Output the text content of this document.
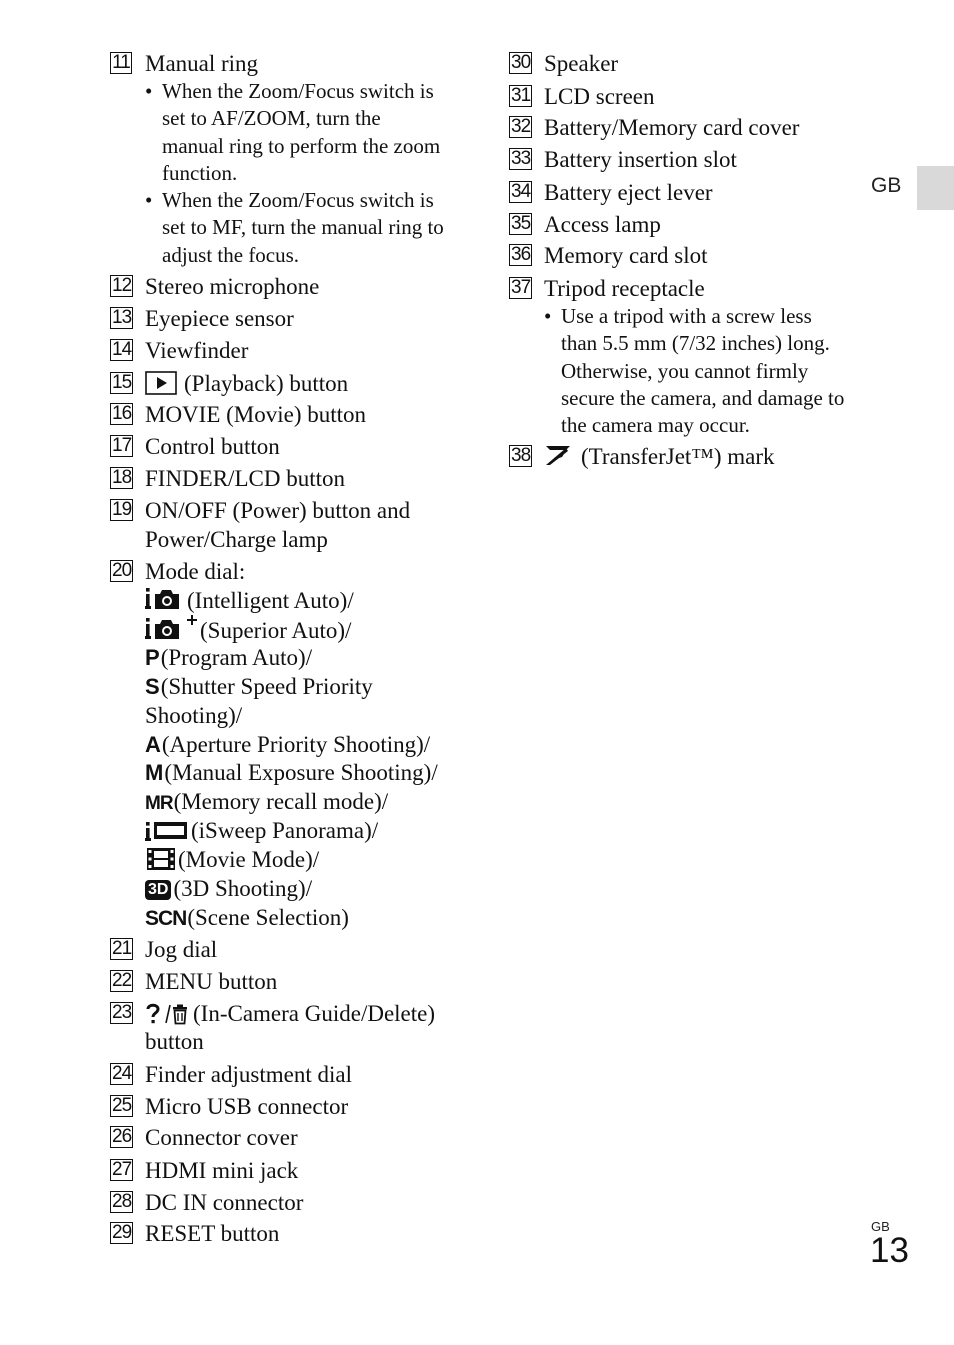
GB
11 Manual ring
• When the Zoom/Focus switch is
set to AF/ZOOM, turn the
manual ring to perform the zoom
function.
• When the Zoom/Focus switch is
set to MF, turn the manual ring to
adjust the focus.
12 Stereo microphone
13 Eyepiece sensor
14 Viewfinder
15	(Playback) button
16 MOVIE (Movie) button
17 Control button
18 FINDER/LCD button
19 ON/OFF (Power) button and
Power/Charge lamp
20 Mode dial:
(Intelligent Auto)/
(Superior Auto)/
P(Program Auto)/
S(Shutter Speed Priority
Shooting)/
A(Aperture Priority Shooting)/
M(Manual Exposure Shooting)/
MR(Memory recall mode)/
(iSweep Panorama)/
(Movie Mode)/
3D (3D Shooting)/
SCN(Scene Selection)
21 Jog dial
22 MENU button
23	(In-Camera Guide/Delete)
button
24 Finder adjustment dial
25 Micro USB connector
26 Connector cover
27 HDMI mini jack
28 DC IN connector
29 RESET button
30 Speaker
31 LCD screen
32 Battery/Memory card cover
33 Battery insertion slot
34 Battery eject lever
35 Access lamp
36 Memory card slot
37 Tripod receptacle
• Use a tripod with a screw less
than 5.5 mm (7/32 inches) long.
Otherwise, you cannot firmly
secure the camera, and damage to
the camera may occur.
38	(TransferJet™) mark
GB
13
